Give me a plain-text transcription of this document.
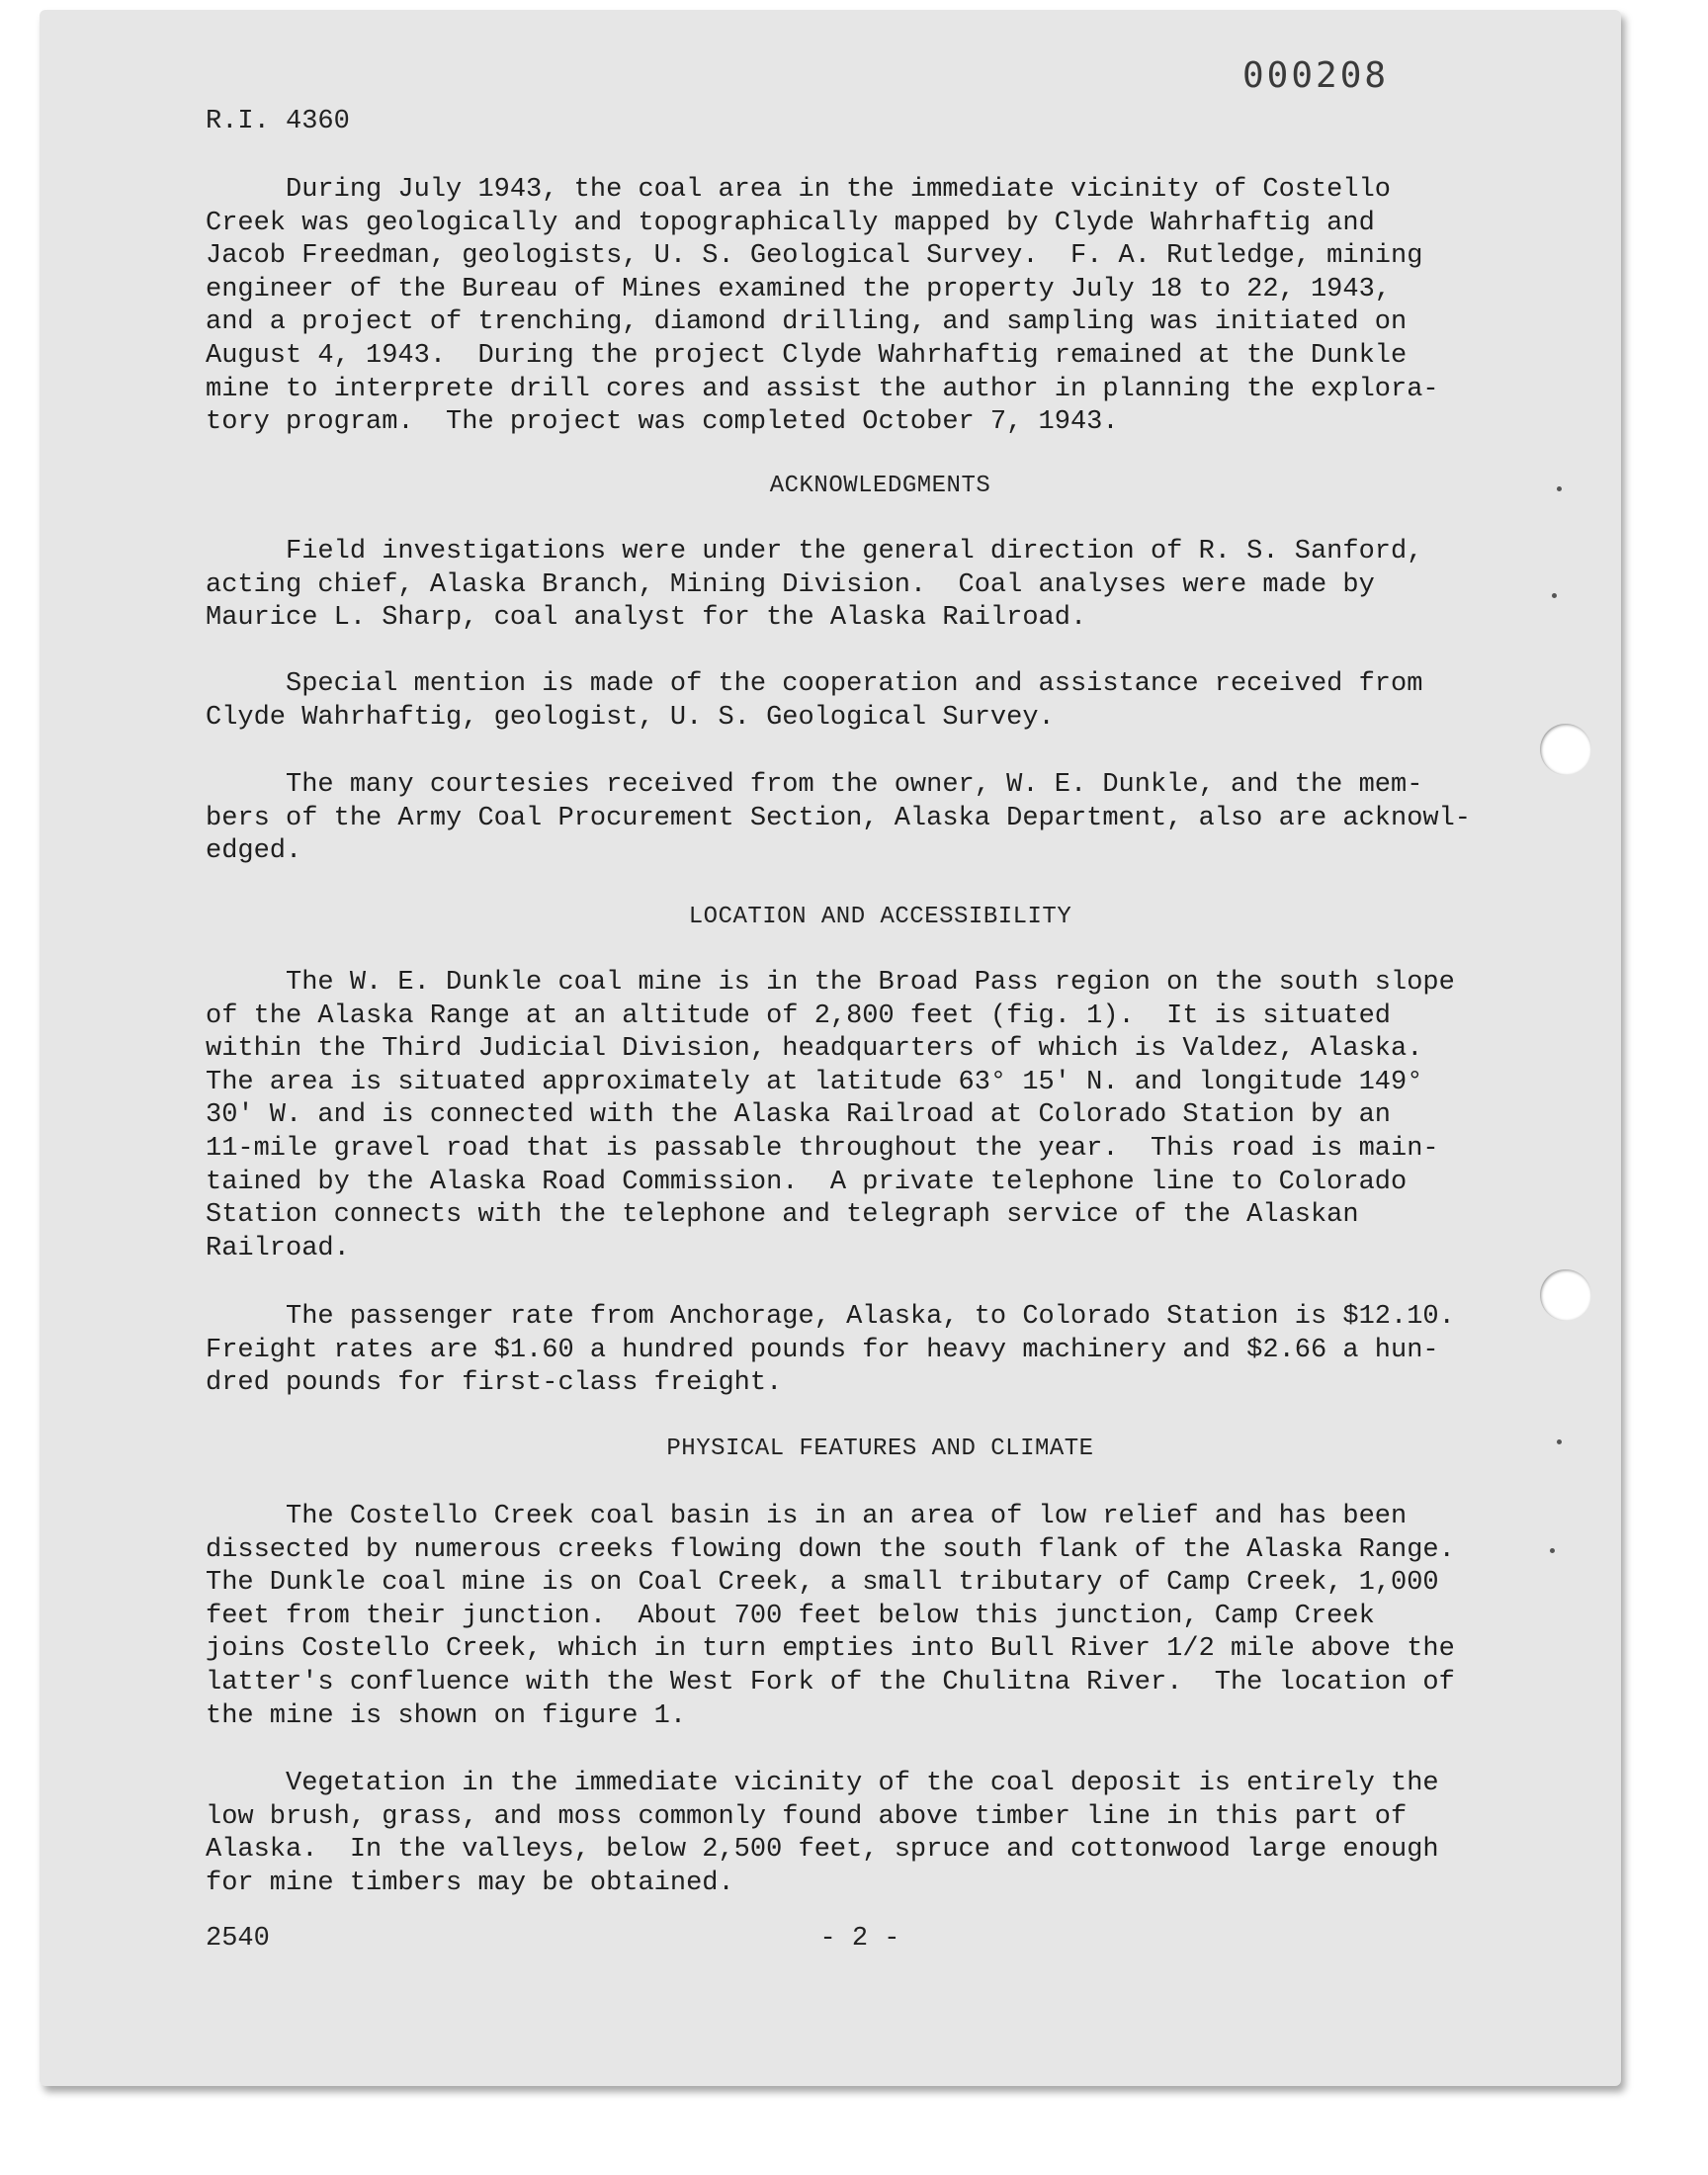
000208
R.I. 4360
During July 1943, the coal area in the immediate vicinity of Costello
Creek was geologically and topographically mapped by Clyde Wahrhaftig and
Jacob Freedman, geologists, U. S. Geological Survey.  F. A. Rutledge, mining
engineer of the Bureau of Mines examined the property July 18 to 22, 1943,
and a project of trenching, diamond drilling, and sampling was initiated on
August 4, 1943.  During the project Clyde Wahrhaftig remained at the Dunkle
mine to interprete drill cores and assist the author in planning the explora-
tory program.  The project was completed October 7, 1943.
ACKNOWLEDGMENTS
Field investigations were under the general direction of R. S. Sanford,
acting chief, Alaska Branch, Mining Division.  Coal analyses were made by
Maurice L. Sharp, coal analyst for the Alaska Railroad.
Special mention is made of the cooperation and assistance received from
Clyde Wahrhaftig, geologist, U. S. Geological Survey.
The many courtesies received from the owner, W. E. Dunkle, and the mem-
bers of the Army Coal Procurement Section, Alaska Department, also are acknowl-
edged.
LOCATION AND ACCESSIBILITY
The W. E. Dunkle coal mine is in the Broad Pass region on the south slope
of the Alaska Range at an altitude of 2,800 feet (fig. 1).  It is situated
within the Third Judicial Division, headquarters of which is Valdez, Alaska.
The area is situated approximately at latitude 63° 15' N. and longitude 149°
30' W. and is connected with the Alaska Railroad at Colorado Station by an
11-mile gravel road that is passable throughout the year.  This road is main-
tained by the Alaska Road Commission.  A private telephone line to Colorado
Station connects with the telephone and telegraph service of the Alaskan
Railroad.
The passenger rate from Anchorage, Alaska, to Colorado Station is $12.10.
Freight rates are $1.60 a hundred pounds for heavy machinery and $2.66 a hun-
dred pounds for first-class freight.
PHYSICAL FEATURES AND CLIMATE
The Costello Creek coal basin is in an area of low relief and has been
dissected by numerous creeks flowing down the south flank of the Alaska Range.
The Dunkle coal mine is on Coal Creek, a small tributary of Camp Creek, 1,000
feet from their junction.  About 700 feet below this junction, Camp Creek
joins Costello Creek, which in turn empties into Bull River 1/2 mile above the
latter's confluence with the West Fork of the Chulitna River.  The location of
the mine is shown on figure 1.
Vegetation in the immediate vicinity of the coal deposit is entirely the
low brush, grass, and moss commonly found above timber line in this part of
Alaska.  In the valleys, below 2,500 feet, spruce and cottonwood large enough
for mine timbers may be obtained.
2540	- 2 -
